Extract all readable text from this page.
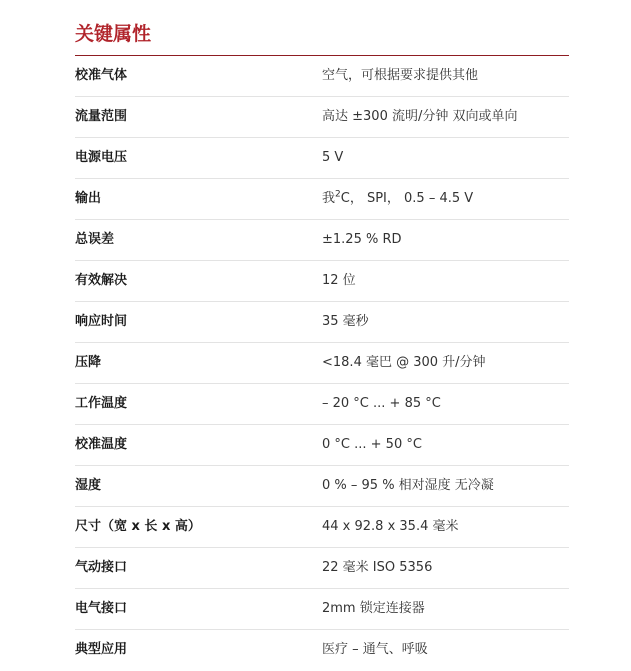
关键属性
校准气体	空气，可根据要求提供其他
流量范围	高达 ±300 流明/分钟 双向或单向
电源电压	5 V
输出	我$^2$C， SPI， 0.5 – 4.5 V
总误差	±1.25 % RD
有效解决	12 位
响应时间	35 毫秒
压降	<18.4 毫巴 @ 300 升/分钟
工作温度	– 20 °C ... + 85 °C
校准温度	0 °C ... + 50 °C
湿度	0 % – 95 % 相对湿度 无冷凝
尺寸（宽 x 长 x 高）	44 x 92.8 x 35.4 毫米
气动接口	22 毫米 ISO 5356
电气接口	2mm 锁定连接器
典型应用	医疗 – 通气、呼吸
